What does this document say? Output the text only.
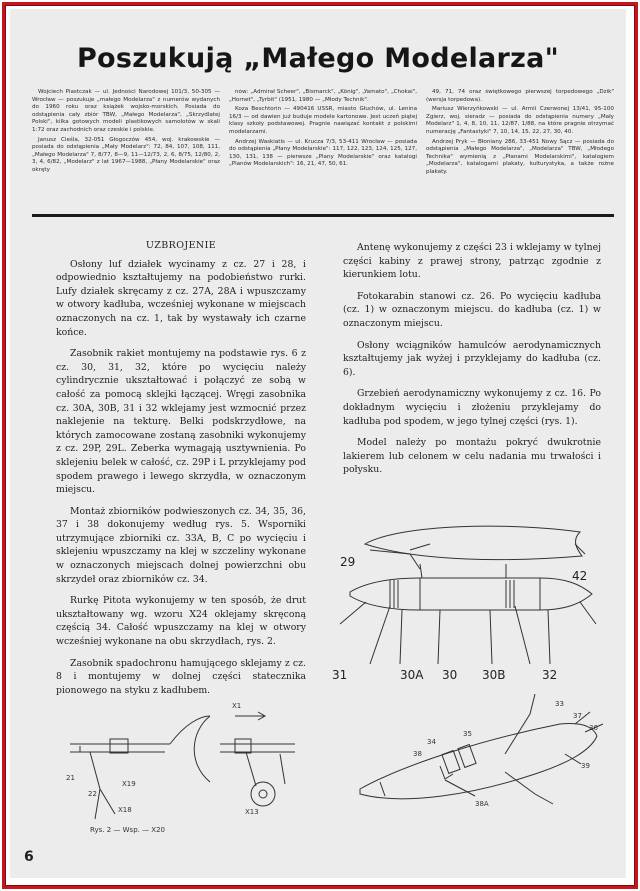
Poszukują „Małego Modelarza"

Wojciech Piastczak — ul. Jedności Narodowej 101/3, 50-305 — Wrocław — poszukuje „małego Modelarza" z numerów wydanych do 1960 roku oraz książek wojsko-morskich. Posiada do odstąpienia cały zbiór TBW, „Małego Modelarza", „Skrzydlatej Polski", kilka gotowych modeli plastikowych samolotów w skali 1:72 oraz zachodnich oraz czeskie i polskie.

Janusz Cieśla, 32-051 Głogoczów 454, woj. krakowskie — posiada do odstąpienia „Mały Modelarz": 72, 84, 107, 108, 111, „Małego Modelarza" 7, 8/77, 8—9, 11—12/73, 2, 6, 8/75, 12/80, 2, 3, 4, 6/82, „Modelarz" z lat 1967—1988, „Płany Modelarskie" oraz okręty

nów: „Admirał Scheer", „Bismarck", „König", „Yamato", „Chokai", „Hornet", „Tyrbit" (1951, 1980 — „Młody Technik".

Koza Beschtorin — 490416 USSR, miasto Głuchów, ul. Lenina 16/3 — od dawien już buduje modele kartonowe. Jest uczeń piątej klasy szkoły podstawowej. Pragnie nawiązać kontakt z polskimi modelarzami.

Andrzej Waskiatis — ul. Krucza 7/3, 53-411 Wrocław — posiada do odstąpienia „Płany Modelarskie": 117, 122, 123, 124, 125, 127, 130, 131, 138 — pierwsze „Plany Modelarskie" oraz katalogi „Planów Modelarskich": 16, 21, 47, 50, 61.

49, 71, 74 oraz świętkowego pierwszej torpedowego „Dzik" (wersja torpedowa).

Mariusz Wierzyńkowski — ul. Armii Czerwonej 13/41, 95-100 Zgierz, woj. sieradz — posiada do odstąpienia numery „Mały Modelarz" 1, 4, 8, 10, 11, 12/87, 1/88, na które pragnie otrzymać numerację „Fantastyki" 7, 10, 14, 15, 22, 27, 30, 40.

Andrzej Pryk — Błoniany 286, 33-451 Nowy Sącz — posiada do odstąpienia „Małego Modelarza", „Modelarza" TBW, „Młodego Technika" wymienią z „Płanami Modelarskimi", katalogiem „Modelarza", katalogami plakaty, kulturystyka, a także rożne plakaty.

UZBROJENIE

Osłony luf działek wycinamy z cz. 27 i 28, i odpowiednio kształtujemy na podobieństwo rurki. Lufy działek skręcamy z cz. 27A, 28A i wpuszczamy w otwory kadłuba, wcześniej wykonane w miejscach oznaczonych na cz. 1, tak by wystawały ich czarne końce.

Zasobnik rakiet montujemy na podstawie rys. 6 z cz. 30, 31, 32, które po wycięciu należy cylindrycznie ukształtować i połączyć ze sobą w całość za pomocą sklejki łączącej. Wręgi zasobnika cz. 30A, 30B, 31 i 32 wklejamy jest wzmocnić przez naklejenie na tekturę. Belki podskrzydłowe, na których zamocowane zostaną zasobniki wykonujemy z cz. 29P, 29L. Zeberka wymagają usztywnienia. Po sklejeniu belek w całość, cz. 29P i L przyklejamy pod spodem prawego i lewego skrzydła, w oznaczonym miejscu.

Montaż zbiorników podwieszonych cz. 34, 35, 36, 37 i 38 dokonujemy według rys. 5. Wsporniki utrzymujące zbiorniki cz. 33A, B, C po wycięciu i sklejeniu wpuszczamy na klej w szczeliny wykonane w oznaczonych miejscach dolnej powierzchni obu skrzydeł oraz zbiorników cz. 34.

Rurkę Pitota wykonujemy w ten sposób, że drut ukształtowany wg. wzoru X24 oklejamy skręconą częścią 34. Całość wpuszczamy na klej w otwory wcześniej wykonane na obu skrzydłach, rys. 2.

Zasobnik spadochronu hamującego sklejamy z cz. 8 i montujemy w dolnej części statecznika pionowego na styku z kadłubem.

Antenę wykonujemy z części 23 i wklejamy w tylnej części kabiny z prawej strony, patrząc zgodnie z kierunkiem lotu.

Fotokarabin stanowi cz. 26. Po wycięciu kadłuba (cz. 1) w oznaczonym miejscu. do kadłuba (cz. 1) w oznaczonym miejscu.

Osłony wciągników hamulców aerodynamicznych kształtujemy jak wyżej i przyklejamy do kadłuba (cz. 6).

Grzebień aerodynamiczny wykonujemy z cz. 16. Po dokładnym wycięciu i złożeniu przyklejamy do kadłuba pod spodem, w jego tylnej części (rys. 1).

Model należy po montażu pokryć dwukrotnie lakierem lub celonem w celu nadania mu trwałości i połysku.

29
42
31	30A 30 30B	32
21
22
X19
X18	X13
X1
Rys. 2 — Wsp. — X20
33
37
36
35
34
38
39
38A
6
